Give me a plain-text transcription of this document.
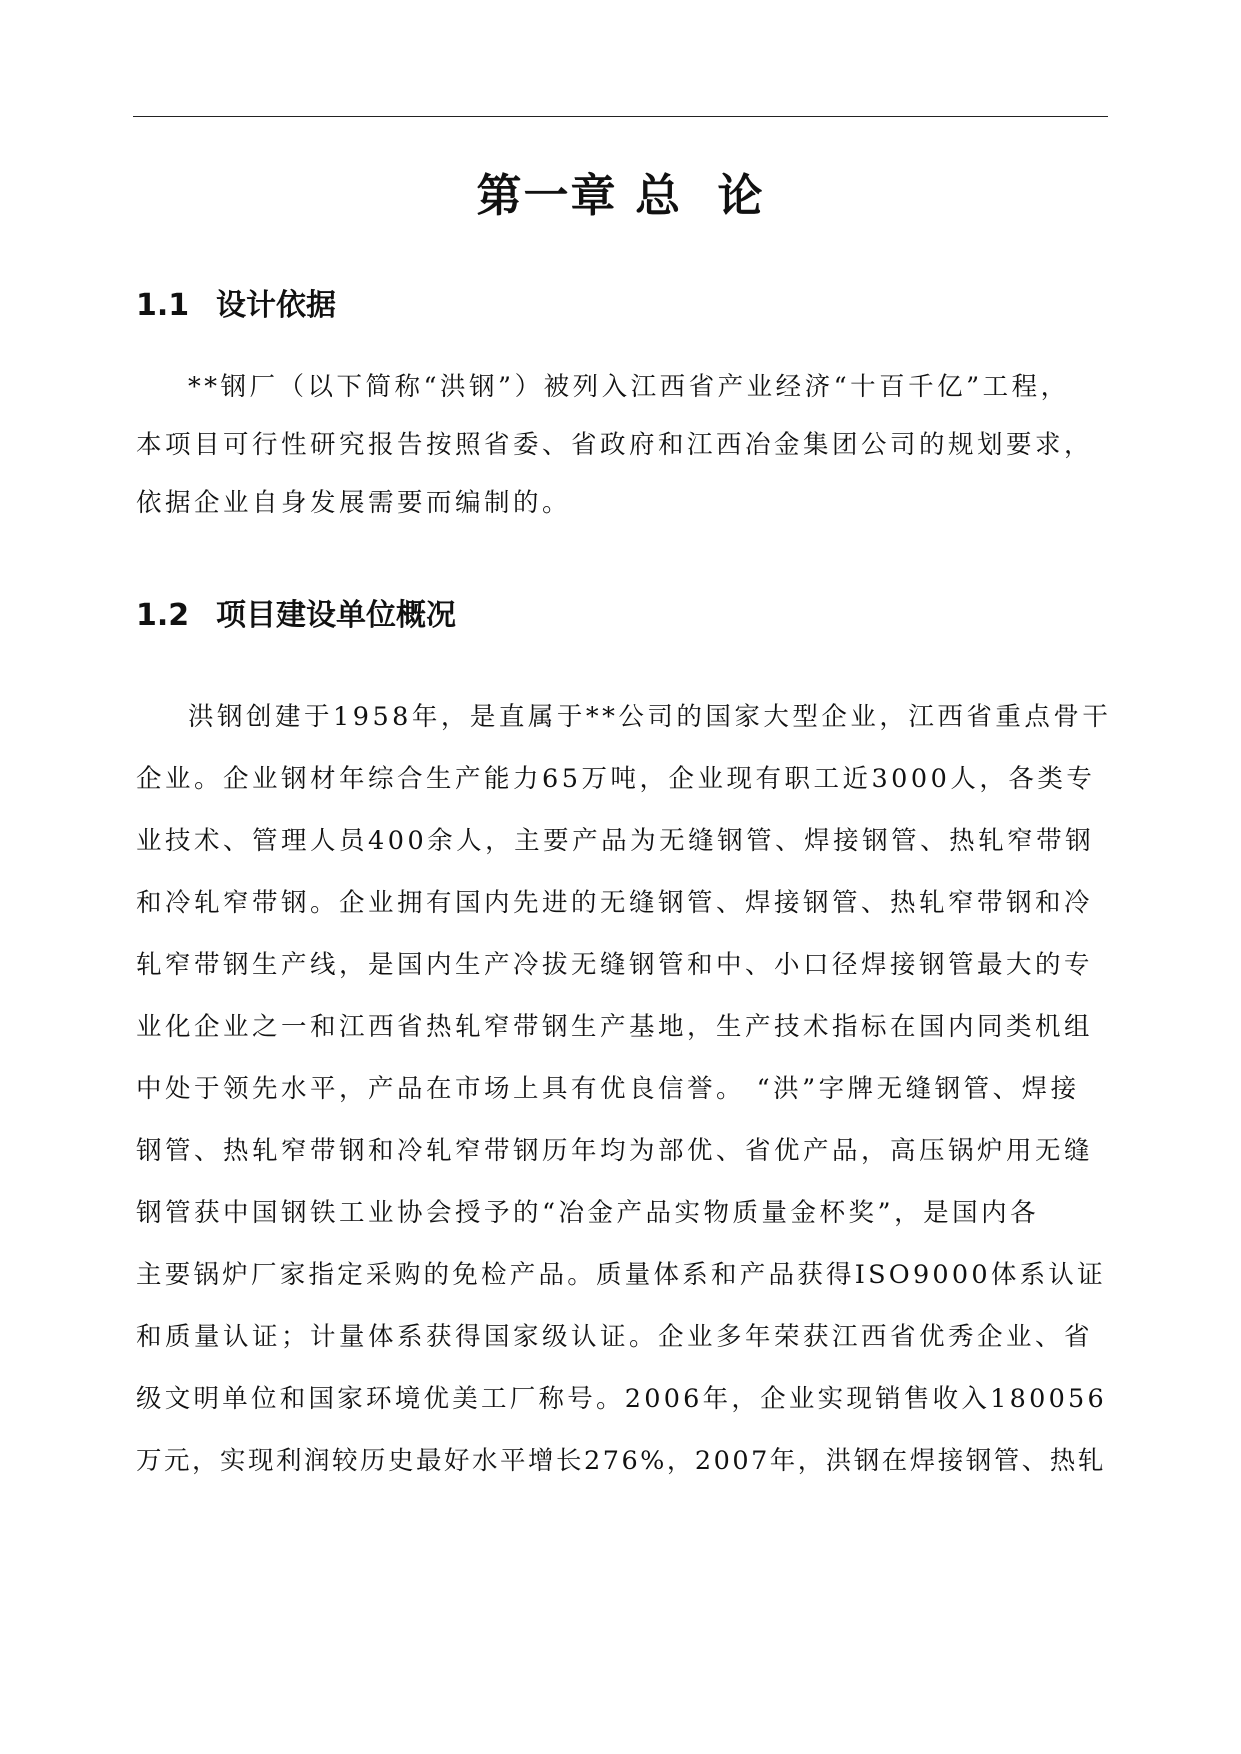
第一章 总  论
1.1 设计依据
**钢厂（以下简称“洪钢”）被列入江西省产业经济“十百千亿”工程，
本项目可行性研究报告按照省委、省政府和江西冶金集团公司的规划要求，
依据企业自身发展需要而编制的。
1.2 项目建设单位概况
洪钢创建于1958年，是直属于**公司的国家大型企业，江西省重点骨干
企业。企业钢材年综合生产能力65万吨，企业现有职工近3000人，各类专
业技术、管理人员400余人，主要产品为无缝钢管、焊接钢管、热轧窄带钢
和冷轧窄带钢。企业拥有国内先进的无缝钢管、焊接钢管、热轧窄带钢和冷
轧窄带钢生产线，是国内生产冷拔无缝钢管和中、小口径焊接钢管最大的专
业化企业之一和江西省热轧窄带钢生产基地，生产技术指标在国内同类机组
中处于领先水平，产品在市场上具有优良信誉。 “洪”字牌无缝钢管、焊接
钢管、热轧窄带钢和冷轧窄带钢历年均为部优、省优产品，高压锅炉用无缝
钢管获中国钢铁工业协会授予的“冶金产品实物质量金杯奖”，是国内各
主要锅炉厂家指定采购的免检产品。质量体系和产品获得ISO9000体系认证
和质量认证；计量体系获得国家级认证。企业多年荣获江西省优秀企业、省
级文明单位和国家环境优美工厂称号。2006年，企业实现销售收入180056
万元，实现利润较历史最好水平增长276%，2007年，洪钢在焊接钢管、热轧
